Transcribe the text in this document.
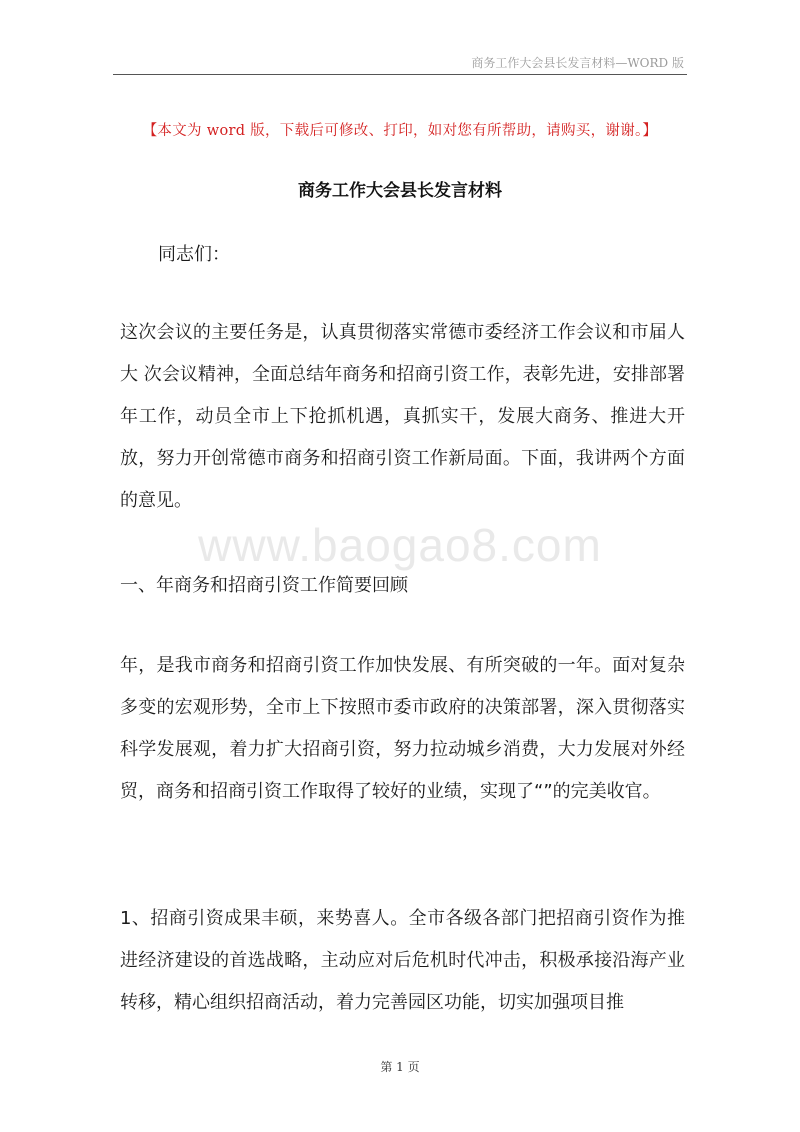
商务工作大会县长发言材料—WORD 版
【本文为 word 版，下载后可修改、打印，如对您有所帮助，请购买，谢谢。】
商务工作大会县长发言材料
同志们：

这次会议的主要任务是，认真贯彻落实常德市委经济工作会议和市届人大 次会议精神，全面总结年商务和招商引资工作，表彰先进，安排部署年工作，动员全市上下抢抓机遇，真抓实干，发展大商务、推进大开放，努力开创常德市商务和招商引资工作新局面。下面，我讲两个方面的意见。

www.baogao8.com

一、年商务和招商引资工作简要回顾

年，是我市商务和招商引资工作加快发展、有所突破的一年。面对复杂多变的宏观形势，全市上下按照市委市政府的决策部署，深入贯彻落实科学发展观，着力扩大招商引资，努力拉动城乡消费，大力发展对外经贸，商务和招商引资工作取得了较好的业绩，实现了“”的完美收官。

1、招商引资成果丰硕，来势喜人。全市各级各部门把招商引资作为推进经济建设的首选战略，主动应对后危机时代冲击，积极承接沿海产业转移，精心组织招商活动，着力完善园区功能，切实加强项目推

第 1 页
